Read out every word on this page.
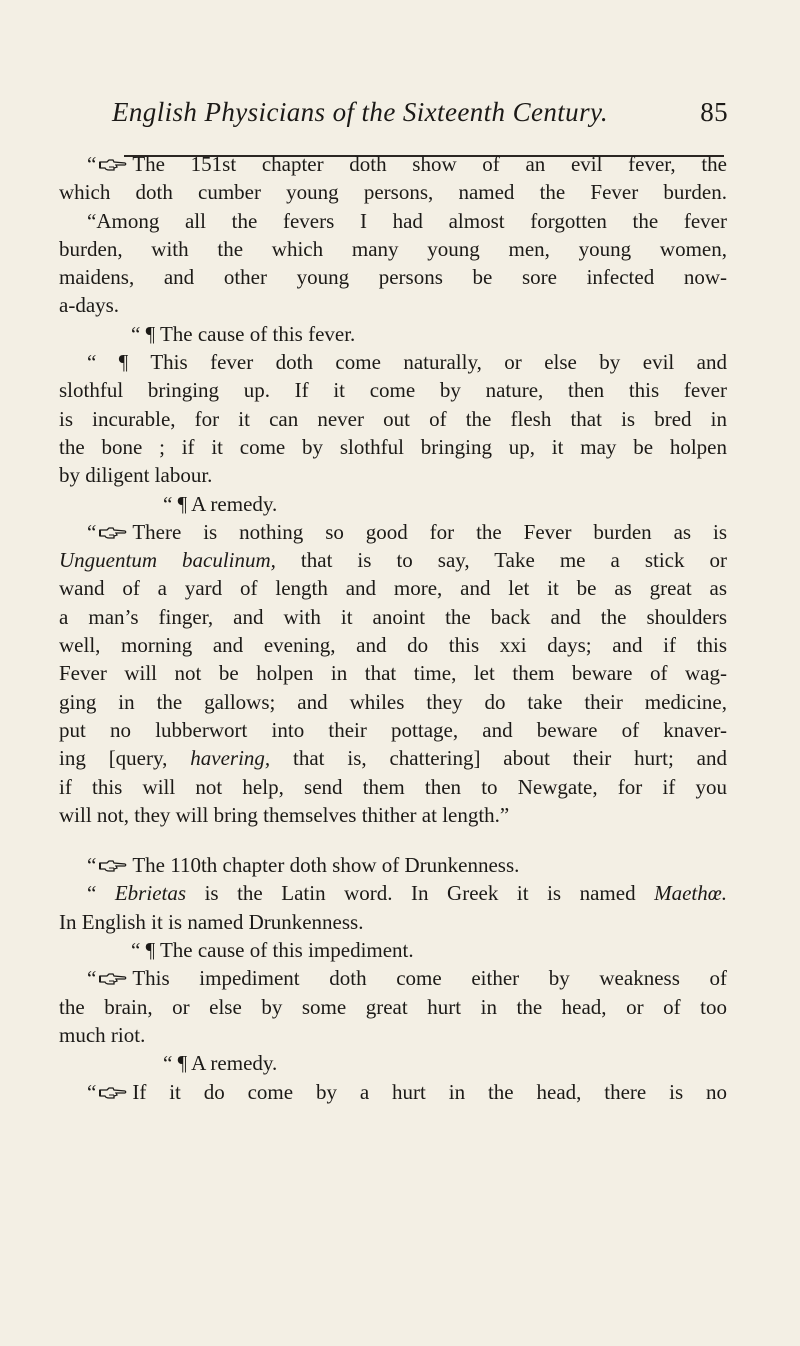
English Physicians of the Sixteenth Century.	85
“ The 151st chapter doth show of an evil fever, the
which doth cumber young persons, named the Fever burden.
“Among all the fevers I had almost forgotten the fever
burden, with the which many young men, young women,
maidens, and other young persons be sore infected now-
a-days.
“ ¶ The cause of this fever.
“ ¶ This fever doth come naturally, or else by evil and
slothful bringing up. If it come by nature, then this fever
is incurable, for it can never out of the flesh that is bred in
the bone ; if it come by slothful bringing up, it may be holpen
by diligent labour.
“ ¶ A remedy.
“ There is nothing so good for the Fever burden as is
Unguentum baculinum, that is to say, Take me a stick or
wand of a yard of length and more, and let it be as great as
a man’s finger, and with it anoint the back and the shoulders
well, morning and evening, and do this xxi days; and if this
Fever will not be holpen in that time, let them beware of wag-
ging in the gallows; and whiles they do take their medicine,
put no lubberwort into their pottage, and beware of knaver-
ing [query, havering, that is, chattering] about their hurt; and
if this will not help, send them then to Newgate, for if you
will not, they will bring themselves thither at length.”
“ The 110th chapter doth show of Drunkenness.
“ Ebrietas is the Latin word. In Greek it is named Maethœ.
In English it is named Drunkenness.
“ ¶ The cause of this impediment.
“ This impediment doth come either by weakness of
the brain, or else by some great hurt in the head, or of too
much riot.
“ ¶ A remedy.
“ If it do come by a hurt in the head, there is no
